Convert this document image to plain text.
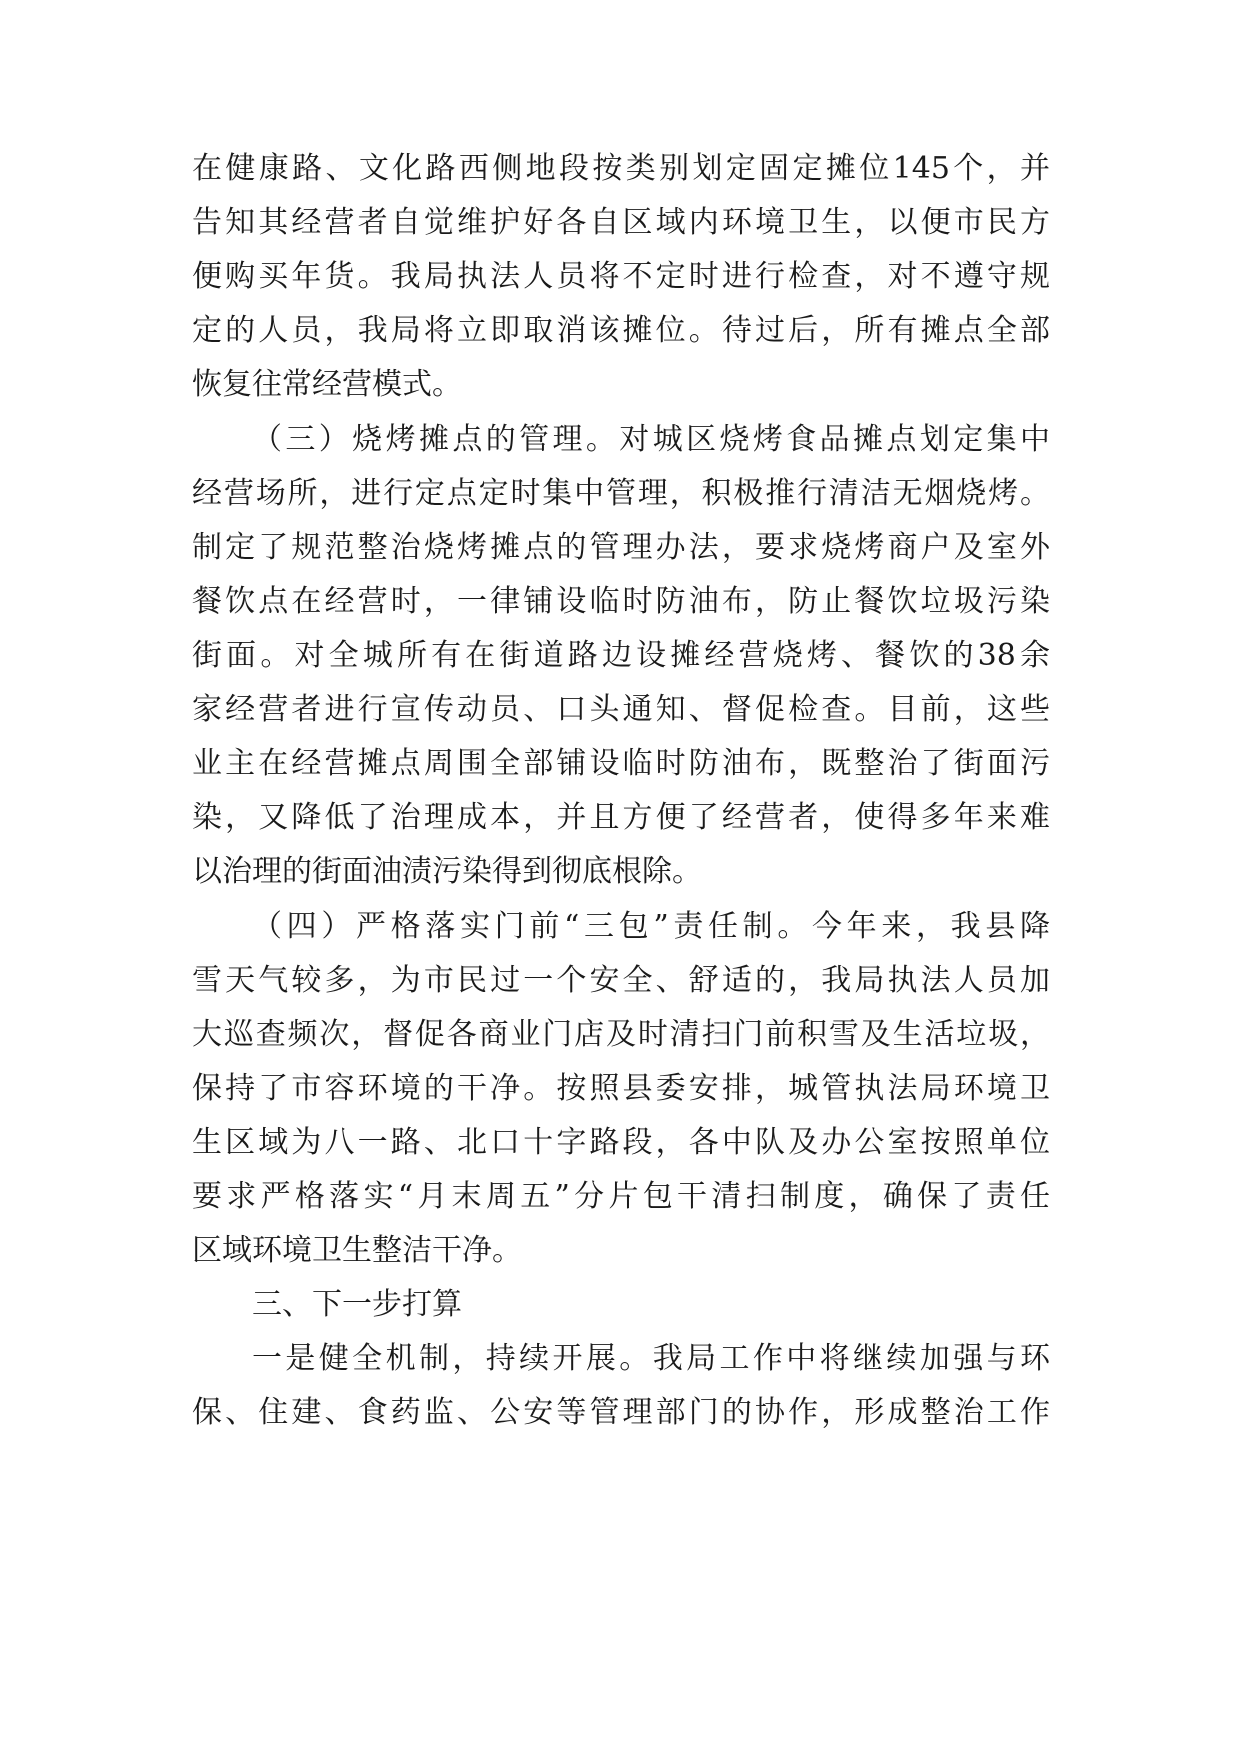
在健康路、文化路西侧地段按类别划定固定摊位145个，并
告知其经营者自觉维护好各自区域内环境卫生，以便市民方
便购买年货。我局执法人员将不定时进行检查，对不遵守规
定的人员，我局将立即取消该摊位。待过后，所有摊点全部
恢复往常经营模式。
（三）烧烤摊点的管理。对城区烧烤食品摊点划定集中
经营场所，进行定点定时集中管理，积极推行清洁无烟烧烤。
制定了规范整治烧烤摊点的管理办法，要求烧烤商户及室外
餐饮点在经营时，一律铺设临时防油布，防止餐饮垃圾污染
街面。对全城所有在街道路边设摊经营烧烤、餐饮的38余
家经营者进行宣传动员、口头通知、督促检查。目前，这些
业主在经营摊点周围全部铺设临时防油布，既整治了街面污
染，又降低了治理成本，并且方便了经营者，使得多年来难
以治理的街面油渍污染得到彻底根除。
（四）严格落实门前“三包”责任制。今年来，我县降
雪天气较多，为市民过一个安全、舒适的，我局执法人员加
大巡查频次，督促各商业门店及时清扫门前积雪及生活垃圾，
保持了市容环境的干净。按照县委安排，城管执法局环境卫
生区域为八一路、北口十字路段，各中队及办公室按照单位
要求严格落实“月末周五”分片包干清扫制度，确保了责任
区域环境卫生整洁干净。
三、下一步打算
一是健全机制，持续开展。我局工作中将继续加强与环
保、住建、食药监、公安等管理部门的协作，形成整治工作
